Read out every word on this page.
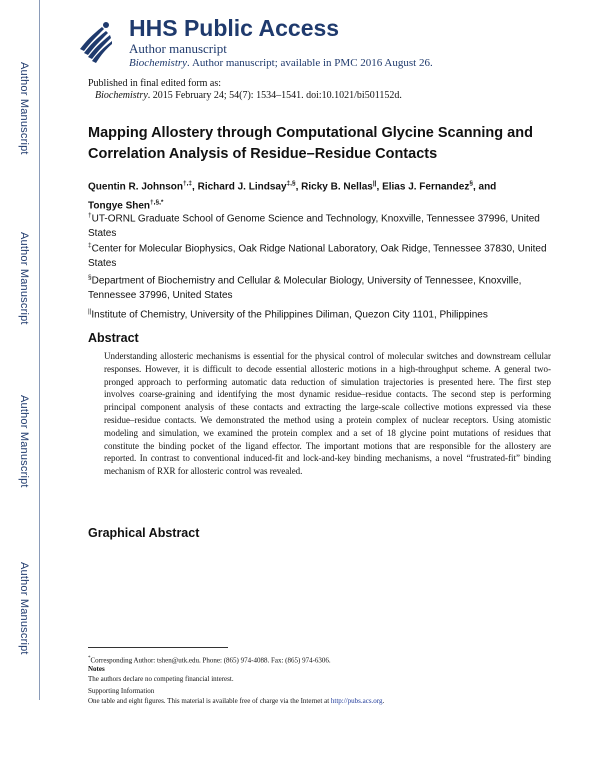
Author Manuscript
Author Manuscript
Author Manuscript
Author Manuscript
HHS Public Access
Author manuscript
Biochemistry. Author manuscript; available in PMC 2016 August 26.
Published in final edited form as:
Biochemistry. 2015 February 24; 54(7): 1534–1541. doi:10.1021/bi501152d.
Mapping Allostery through Computational Glycine Scanning and Correlation Analysis of Residue–Residue Contacts
Quentin R. Johnson†,‡, Richard J. Lindsay‡,§, Ricky B. Nellas||, Elias J. Fernandez§, and
Tongye Shen†,§,*
†UT-ORNL Graduate School of Genome Science and Technology, Knoxville, Tennessee 37996, United States
‡Center for Molecular Biophysics, Oak Ridge National Laboratory, Oak Ridge, Tennessee 37830, United States
§Department of Biochemistry and Cellular & Molecular Biology, University of Tennessee, Knoxville, Tennessee 37996, United States
||Institute of Chemistry, University of the Philippines Diliman, Quezon City 1101, Philippines
Abstract
Understanding allosteric mechanisms is essential for the physical control of molecular switches and downstream cellular responses. However, it is difficult to decode essential allosteric motions in a high-throughput scheme. A general two-pronged approach to performing automatic data reduction of simulation trajectories is presented here. The first step involves coarse-graining and identifying the most dynamic residue–residue contacts. The second step is performing principal component analysis of these contacts and extracting the large-scale collective motions expressed via these residue–residue contacts. We demonstrated the method using a protein complex of nuclear receptors. Using atomistic modeling and simulation, we examined the protein complex and a set of 18 glycine point mutations of residues that constitute the binding pocket of the ligand effector. The important motions that are responsible for the allostery are reported. In contrast to conventional induced-fit and lock-and-key binding mechanisms, a novel “frustrated-fit” binding mechanism of RXR for allosteric control was revealed.
Graphical Abstract
*Corresponding Author: tshen@utk.edu. Phone: (865) 974-4088. Fax: (865) 974-6306.
Notes
The authors declare no competing financial interest.
Supporting Information
One table and eight figures. This material is available free of charge via the Internet at http://pubs.acs.org.
